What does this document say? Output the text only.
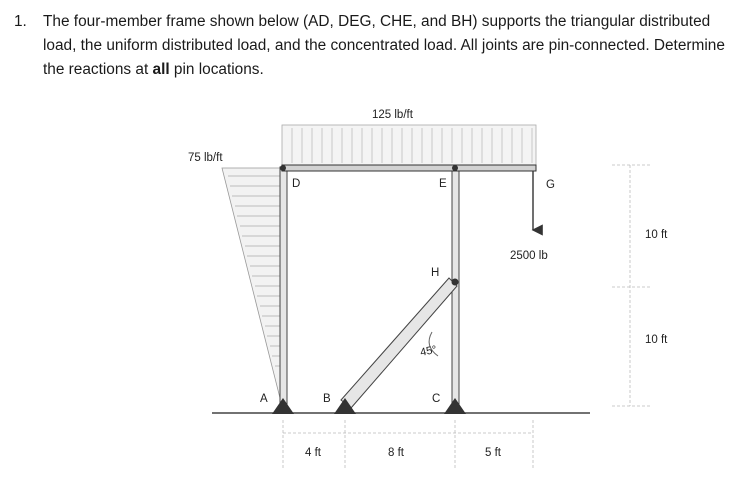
1. The four-member frame shown below (AD, DEG, CHE, and BH) supports the triangular distributed load, the uniform distributed load, and the concentrated load. All joints are pin-connected. Determine the reactions at all pin locations.
75 lb/ft
125 lb/ft
2500 lb
A	B	C
D	E	G
H
45°
4 ft	8 ft	5 ft
10 ft
10 ft
